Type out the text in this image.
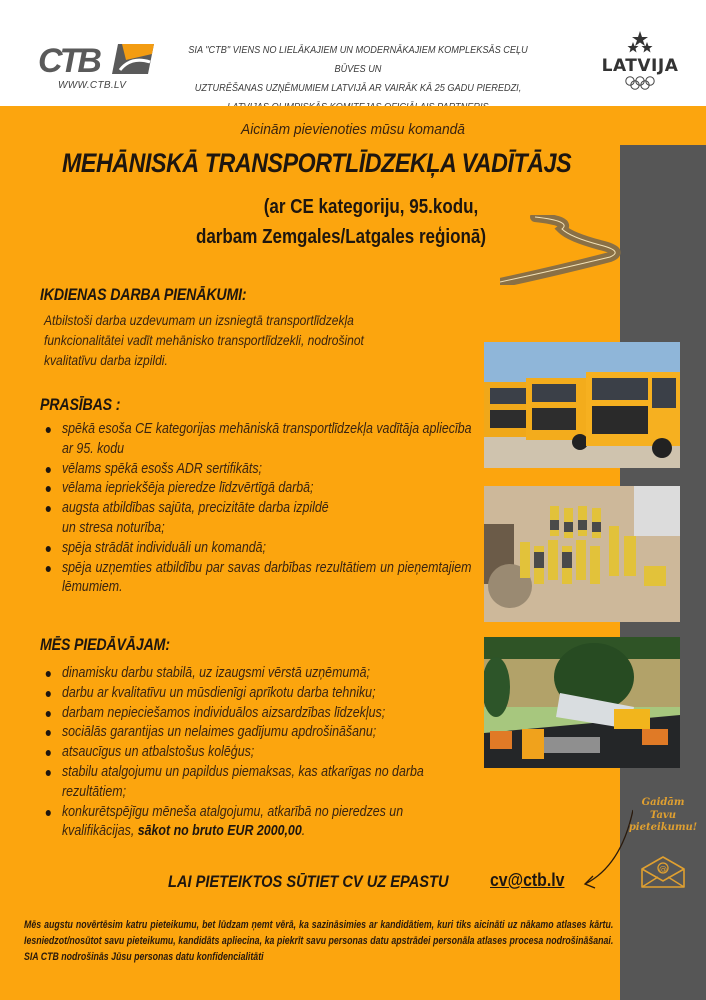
CTB
WWW.CTB.LV
SIA "CTB" VIENS NO LIELĀKAJIEM UN MODERNĀKAJIEM KOMPLEKSĀS CEĻU BŪVES UN
UZTURĒŠANAS UZŅĒMUMIEM LATVIJĀ AR VAIRĀK KĀ 25 GADU PIEREDZI,
LATVIJA
Aicinām pievienoties mūsu komandā
MEHĀNISKĀ TRANSPORTLĪDZEKĻA VADĪTĀJS
(ar CE kategoriju, 95.kodu,
darbam Zemgales/Latgales reģionā)
IKDIENAS DARBA PIENĀKUMI:
Atbilstoši darba uzdevumam un izsniegtā transportlīdzekļa
funkcionalitātei vadīt mehānisko transportlīdzekli, nodrošinot
kvalitatīvu darba izpildi.
PRASĪBAS :
spēkā esoša CE kategorijas mehāniskā transportlīdzekļa vadītāja apliecība ar 95. kodu
vēlams spēkā esošs ADR sertifikāts;
vēlama iepriekšēja pieredze līdzvērtīgā darbā;
augsta atbildības sajūta, precizitāte darba izpildē un stresa noturība;
spēja strādāt individuāli un komandā;
spēja uzņemties atbildību par savas darbības rezultātiem un pieņemtajiem lēmumiem.
MĒS PIEDĀVĀJAM:
dinamisku darbu stabilā, uz izaugsmi vērstā uzņēmumā;
darbu ar kvalitatīvu un mūsdienīgi aprīkotu darba tehniku;
darbam nepieciešamos individuālos aizsardzības līdzekļus;
sociālās garantijas un nelaimes gadījumu apdrošināšanu;
atsaucīgus un atbalstošus kolēģus;
stabilu atalgojumu un papildus piemaksas, kas atkarīgas no darba rezultātiem;
konkurētspējīgu mēneša atalgojumu, atkarībā no pieredzes un kvalifikācijas, sākot no bruto EUR 2000,00.
LAI PIETEIKTOS SŪTIET CV UZ EPASTU cv@ctb.lv
Gaidām
Tavu
pieteikumu!
@
Mēs augstu novērtēsim katru pieteikumu, bet lūdzam ņemt vērā, ka sazināsimies ar kandidātiem, kuri tiks aicināti uz nākamo atlases kārtu. Iesniedzot/nosūtot savu pieteikumu, kandidāts apliecina, ka piekrīt savu personas datu apstrādei personāla atlases procesa nodrošināšanai. SIA CTB nodrošinās Jūsu personas datu konfidencialitāti
